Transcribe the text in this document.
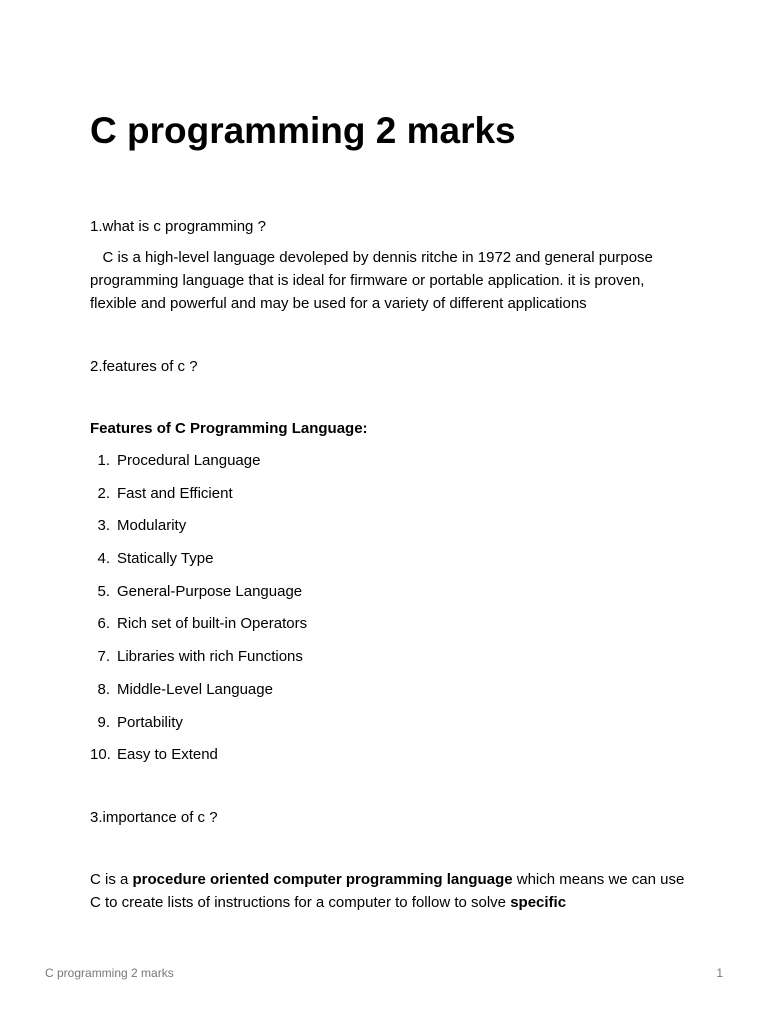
C programming 2 marks

1.what is c programming ?

C is a high-level language devoleped by dennis ritche in 1972 and general purpose programming language that is ideal for firmware or portable application. it is proven, flexible and powerful and may be used for a variety of different applications

2.features of c ?

Features of C Programming Language:

1. Procedural Language
2. Fast and Efficient
3. Modularity
4. Statically Type
5. General-Purpose Language
6. Rich set of built-in Operators
7. Libraries with rich Functions
8. Middle-Level Language
9. Portability
10. Easy to Extend

3.importance of c ?

C is a procedure oriented computer programming language which means we can use C to create lists of instructions for a computer to follow to solve specific

C programming 2 marks	1
